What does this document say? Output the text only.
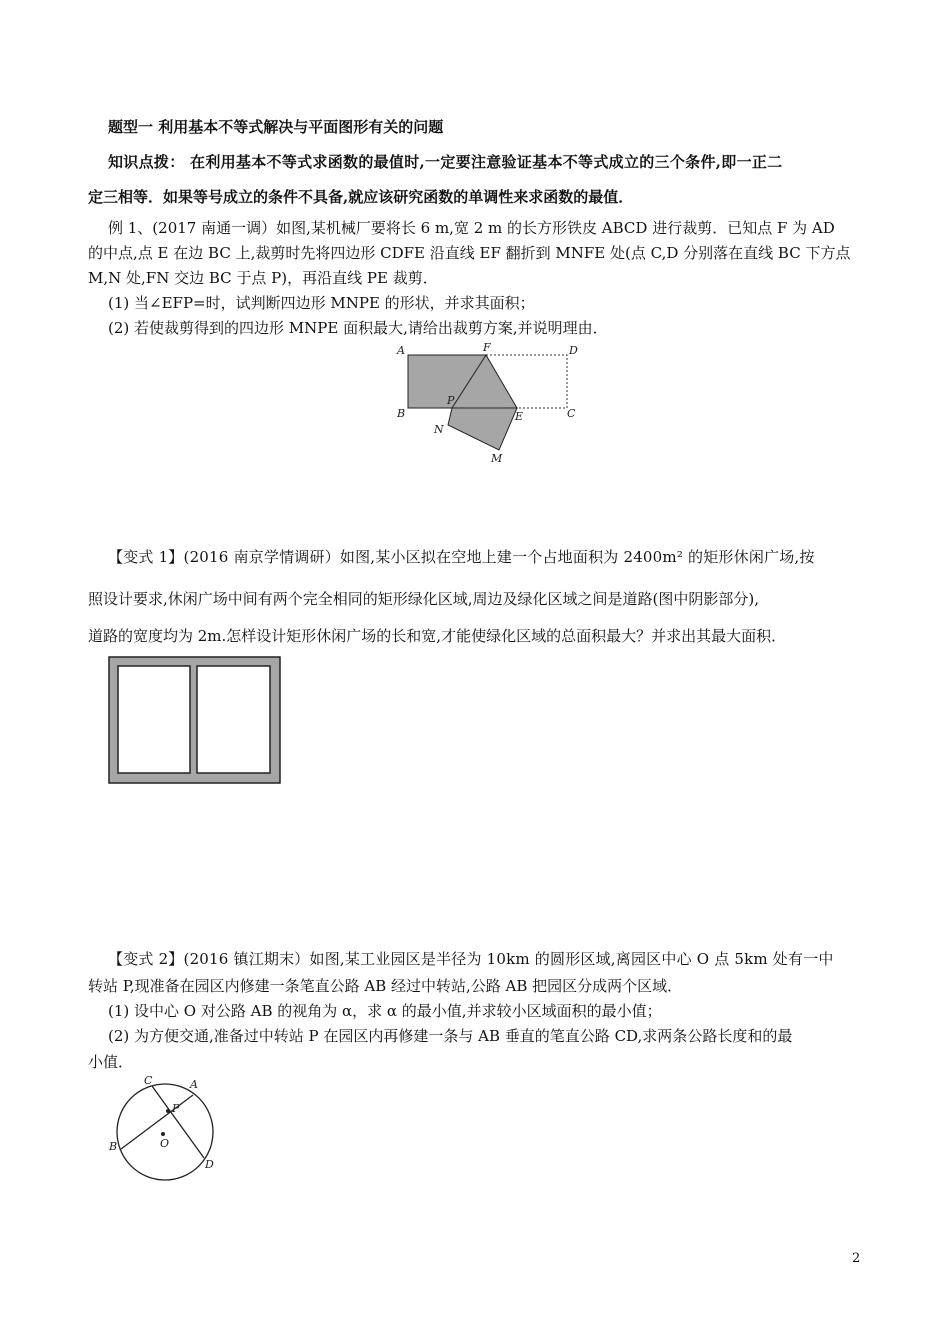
题型一 利用基本不等式解决与平面图形有关的问题
知识点拨： 在利用基本不等式求函数的最值时,一定要注意验证基本不等式成立的三个条件,即一正二
定三相等．如果等号成立的条件不具备,就应该研究函数的单调性来求函数的最值．
例 1、(2017 南通一调）如图,某机械厂要将长 6 m,宽 2 m 的长方形铁皮 ABCD 进行裁剪．已知点 F 为 AD
的中点,点 E 在边 BC 上,裁剪时先将四边形 CDFE 沿直线 EF 翻折到 MNFE 处(点 C,D 分别落在直线 BC 下方点
M,N 处,FN 交边 BC 于点 P)，再沿直线 PE 裁剪．
(1) 当∠EFP=时，试判断四边形 MNPE 的形状，并求其面积；
(2) 若使裁剪得到的四边形 MNPE 面积最大,请给出裁剪方案,并说明理由．
A	F	D
P
B	E	C
N
M
【变式 1】(2016 南京学情调研）如图,某小区拟在空地上建一个占地面积为 2400m² 的矩形休闲广场,按
照设计要求,休闲广场中间有两个完全相同的矩形绿化区域,周边及绿化区域之间是道路(图中阴影部分),
道路的宽度均为 2m.怎样设计矩形休闲广场的长和宽,才能使绿化区域的总面积最大？并求出其最大面积．
【变式 2】(2016 镇江期末）如图,某工业园区是半径为 10km 的圆形区域,离园区中心 O 点 5km 处有一中
转站 P,现准备在园区内修建一条笔直公路 AB 经过中转站,公路 AB 把园区分成两个区域．
(1) 设中心 O 对公路 AB 的视角为 α，求 α 的最小值,并求较小区域面积的最小值；
(2) 为方便交通,准备过中转站 P 在园区内再修建一条与 AB 垂直的笔直公路 CD,求两条公路长度和的最
小值．
C	A
P
B	O
D
2
